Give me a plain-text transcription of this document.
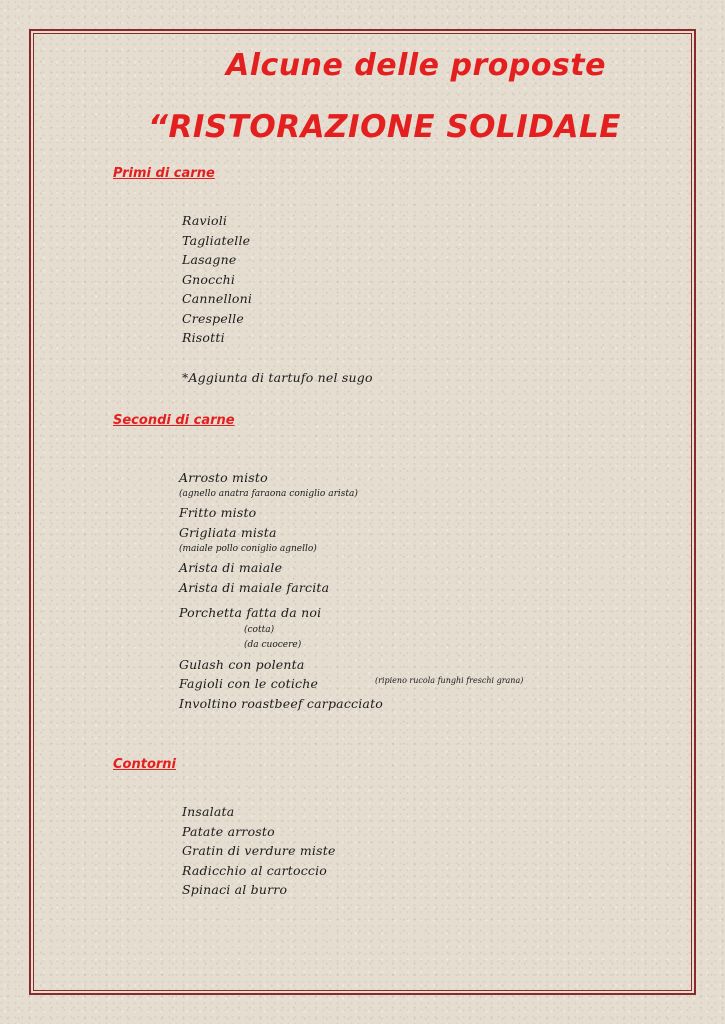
Alcune delle proposte
“RISTORAZIONE SOLIDALE
Primi di carne
Ravioli
Tagliatelle
Lasagne
Gnocchi
Cannelloni
Crespelle
Risotti
*Aggiunta di tartufo nel sugo
Secondi di carne
Arrosto misto
(agnello anatra faraona coniglio arista)
Fritto misto
Grigliata mista
(maiale pollo coniglio agnello)
Arista di maiale
Arista di maiale farcita
Porchetta fatta da noi
(cotta)
(da cuocere)
Gulash con polenta
Fagioli con le cotiche
Involtino roastbeef carpacciato
(ripieno rucola funghi freschi grana)
Contorni
Insalata
Patate arrosto
Gratin di verdure miste
Radicchio al cartoccio
Spinaci al burro
